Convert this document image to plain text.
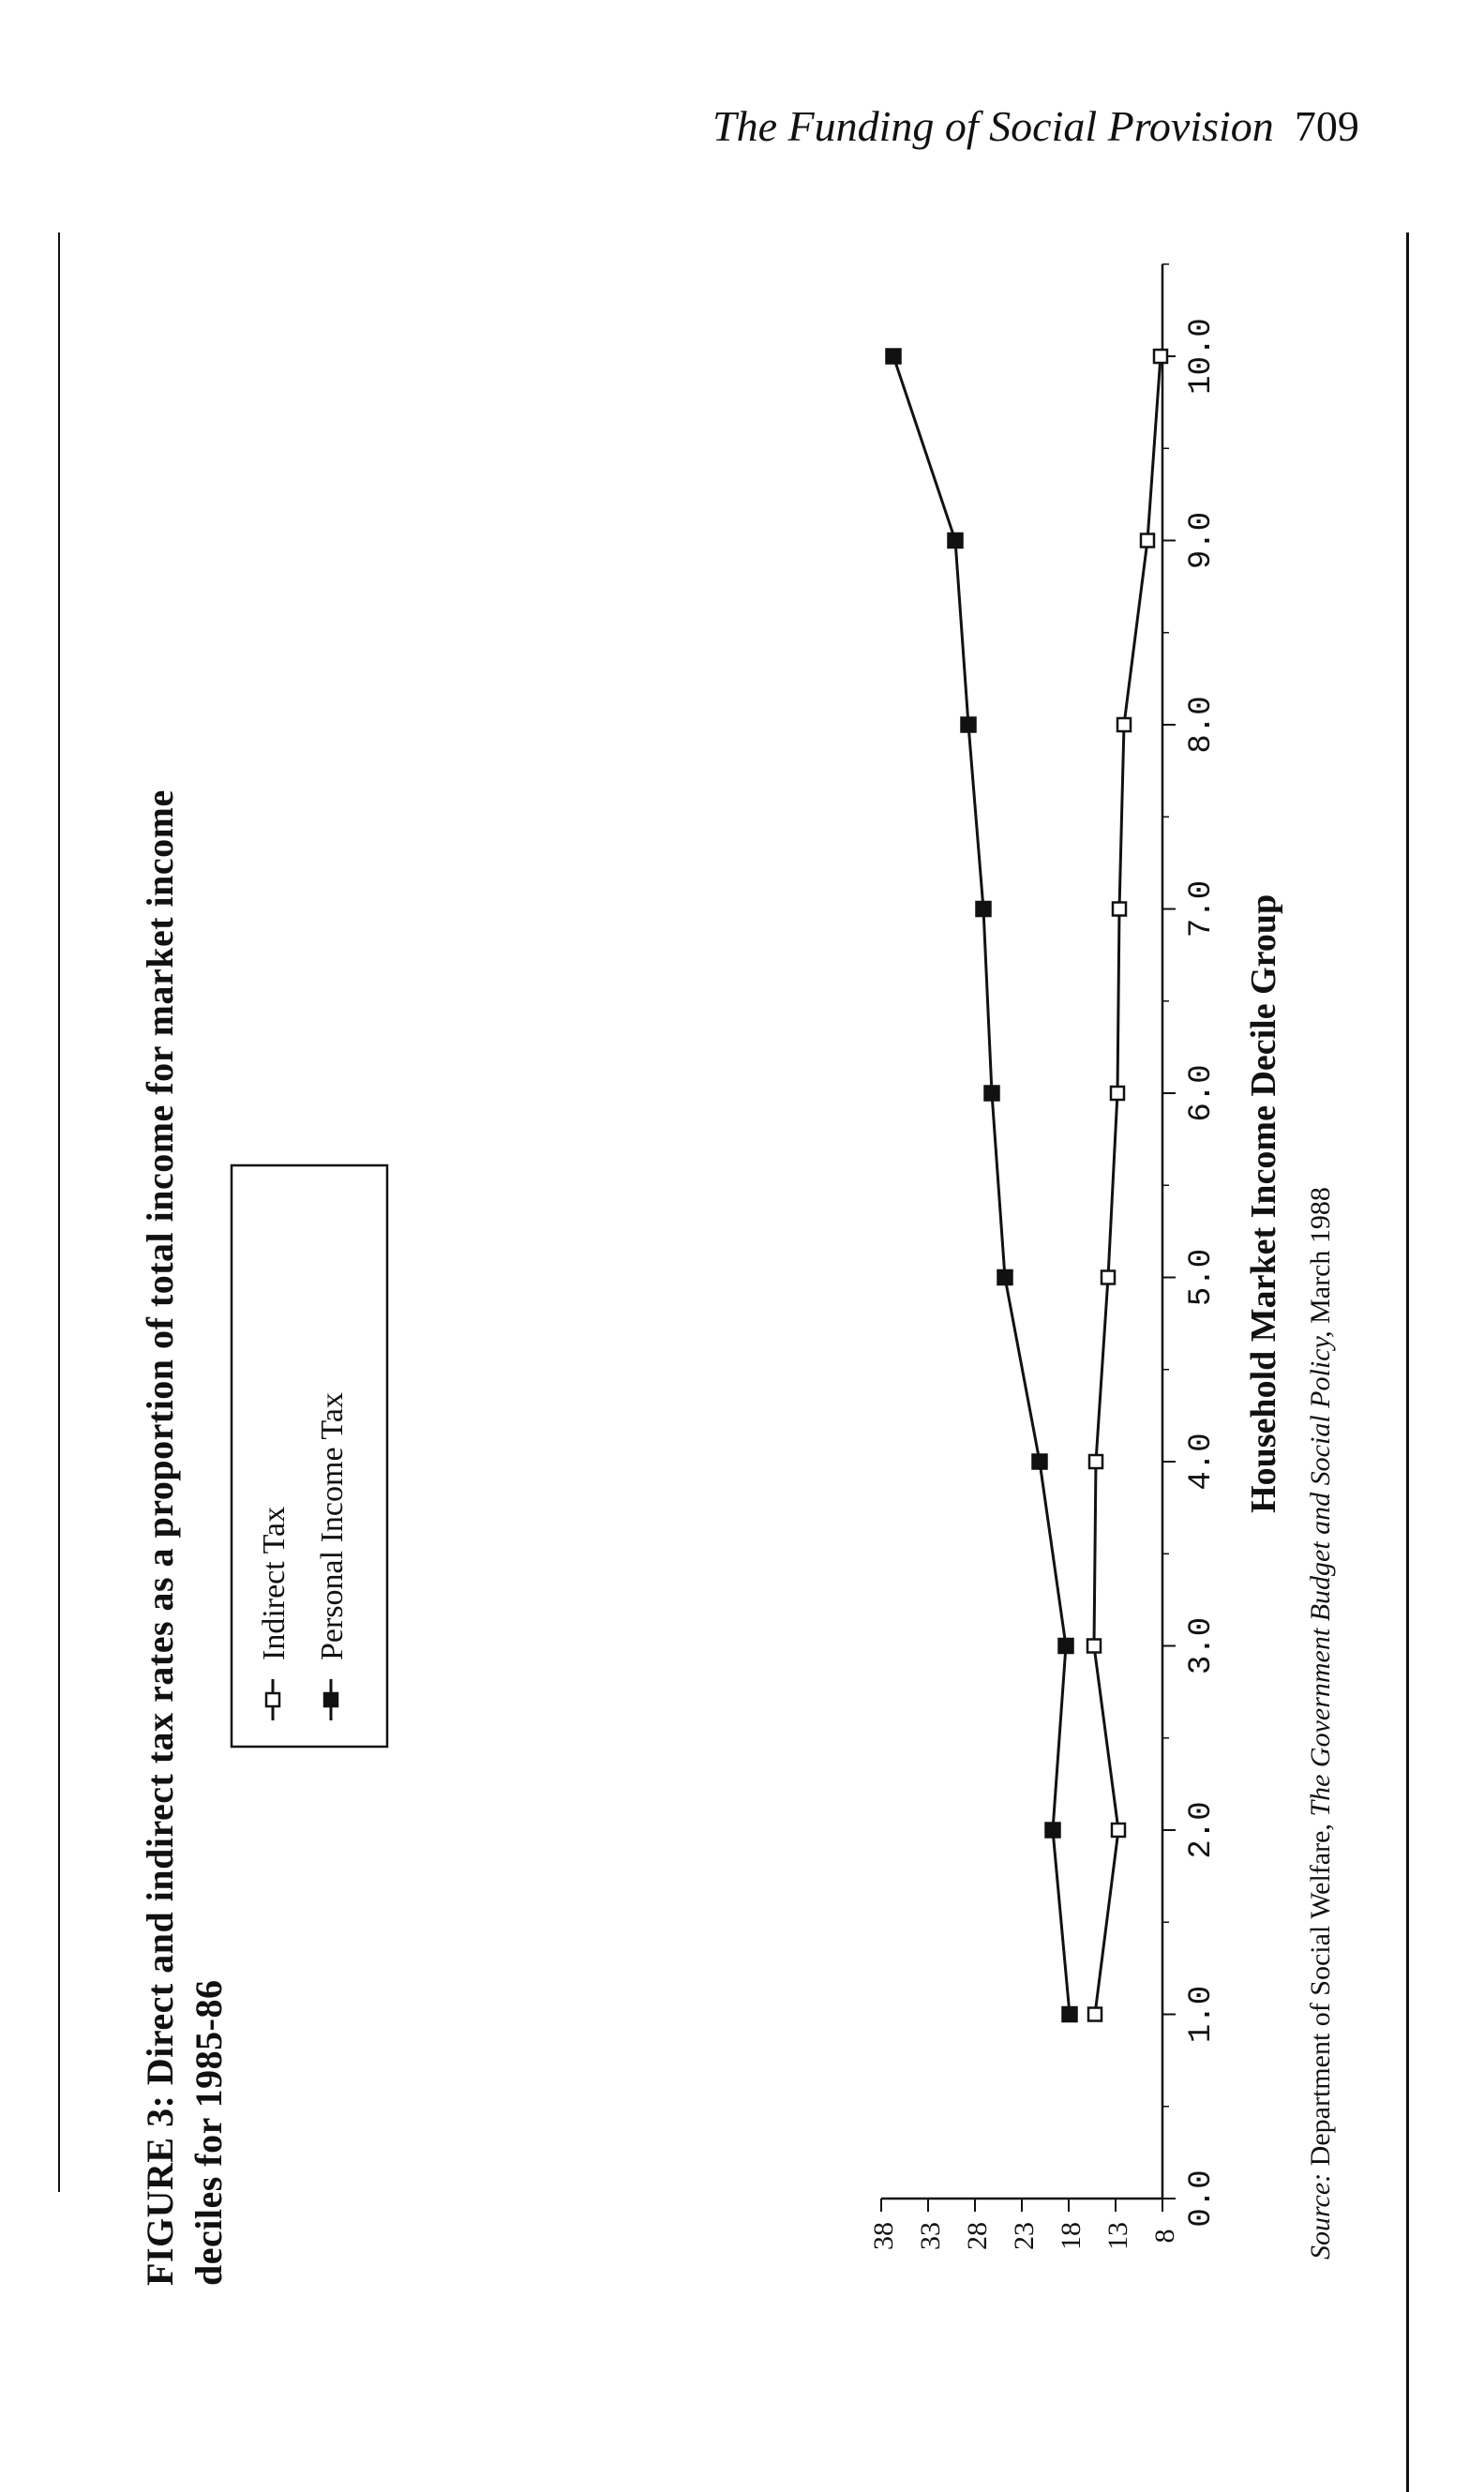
The Funding of Social Provision 709
FIGURE 3: Direct and indirect tax rates as a proportion of total income for market income deciles for 1985-86	0.0
1.0
2.0
3.0
4.0
5.0
6.0
7.0
8.0
9.0
10.0
8
13
18
23
28
33
38
Household Market Income Decile Group
Indirect Tax Personal Income Tax
Source: Department of Social Welfare, The Government Budget and Social Policy, March 1988
